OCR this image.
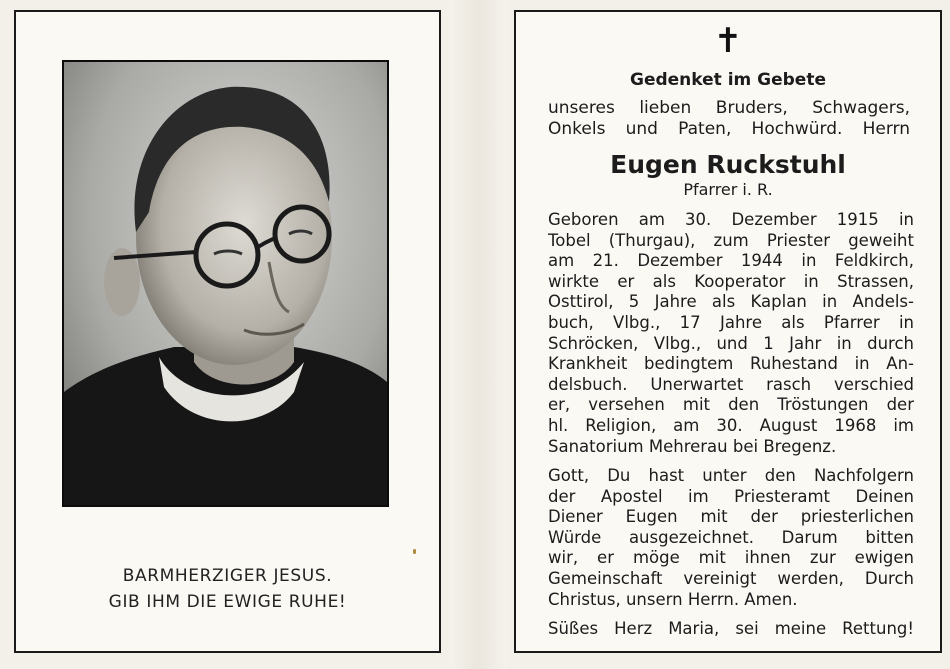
BARMHERZIGER JESUS.
GIB IHM DIE EWIGE RUHE!
✝
Gedenket im Gebete
unseres lieben Bruders, Schwagers,
Onkels und Paten, Hochwürd. Herrn
Eugen Ruckstuhl
Pfarrer i. R.
Geboren am 30. Dezember 1915 in
Tobel (Thurgau), zum Priester geweiht
am 21. Dezember 1944 in Feldkirch,
wirkte er als Kooperator in Strassen,
Osttirol, 5 Jahre als Kaplan in Andels-
buch, Vlbg., 17 Jahre als Pfarrer in
Schröcken, Vlbg., und 1 Jahr in durch
Krankheit bedingtem Ruhestand in An-
delsbuch. Unerwartet rasch verschied
er, versehen mit den Tröstungen der
hl. Religion, am 30. August 1968 im
Sanatorium Mehrerau bei Bregenz.
Gott, Du hast unter den Nachfolgern
der Apostel im Priesteramt Deinen
Diener Eugen mit der priesterlichen
Würde ausgezeichnet. Darum bitten
wir, er möge mit ihnen zur ewigen
Gemeinschaft vereinigt werden, Durch
Christus, unsern Herrn. Amen.
Süßes Herz Maria, sei meine Rettung!
